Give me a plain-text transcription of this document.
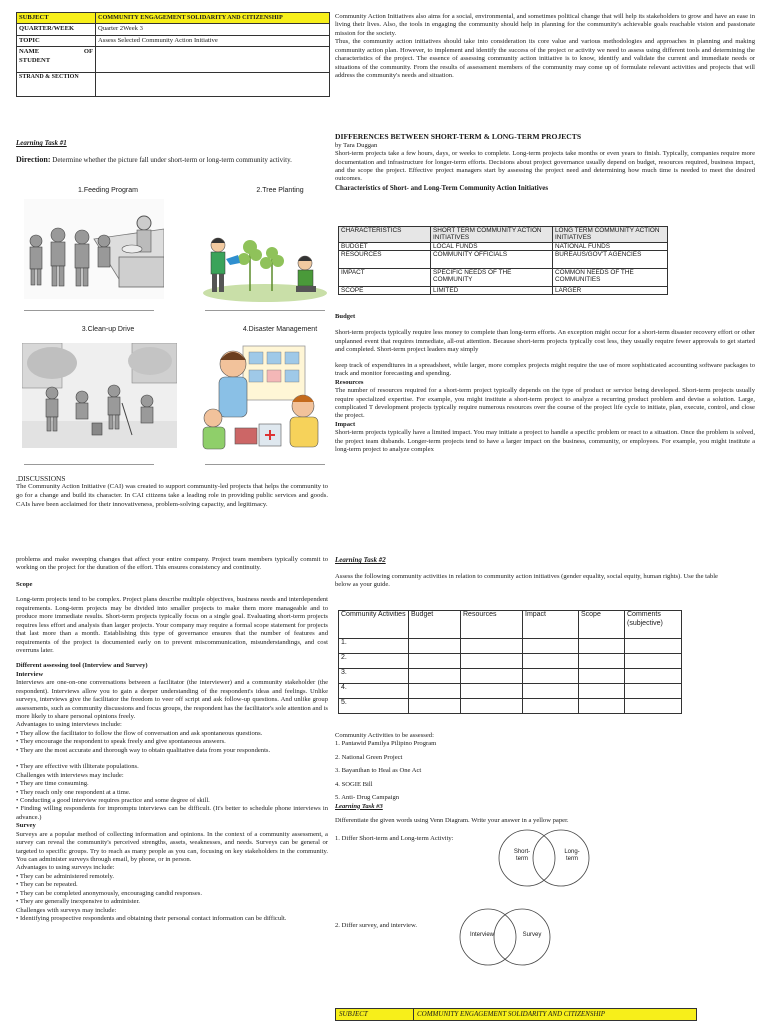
SUBJECT	COMMUNITY ENGAGEMENT SOLIDARITY AND CITIZENSHIP
QUARTER/WEEK	Quarter 2Week 3
TOPIC	Assess Selected Community Action Initiative

NAME OF
STUDENT	
STRAND & SECTION	
Learning Task #1
Direction: Determine whether the picture fall under short-term or long-term community activity.
1.Feeding Program	2.Tree Planting
3.Clean-up Drive	4.Disaster Management

.DISCUSSIONS

The Community Action Initiative (CAI) was created to support community-led projects that helps the community to go for a change and build its character. In CAI citizens take a leading role in providing public services and goods. CAIs have been acclaimed for their innovativeness, problem-solving capacity, and legitimacy.

Community Action Initiatives also aims for a social, environmental, and sometimes political change that will help its stakeholders to grow and have an ease in living their lives. Also, the tools in engaging the community should help in planning for the community's achievable goals reachable vision and passionate mission for the society.

Thus, the community action initiatives should take into consideration its core value and various methodologies and approaches in planning and making community action plan. However, to implement and identify the success of the project or activity we need to assess using different tools and determining the characteristics of the project. The essence of assessing community action initiative is to know, identify and validate the current and immediate needs or situations of the community. From the results of assessment members of the community may come up of formulate relevant activities and projects that will address the community's needs and situation.

DIFFERENCES BETWEEN SHORT-TERM & LONG-TERM PROJECTS

by Tara Duggan

Short-term projects take a few hours, days, or weeks to complete. Long-term projects take months or even years to finish. Typically, companies require more documentation and infrastructure for longer-term efforts. Decisions about project governance usually depend on budget, resources required, business impact, and the scope the project. Effective project managers start by assessing the project need and determining how much time is needed to meet the desired outcomes.

Characteristics of Short- and Long-Term Community Action Initiatives

CHARACTERISTICS	SHORT TERM COMMUNITY ACTION INITIATIVES	LONG TERM COMMUNITY ACTION INITIATIVES
BUDGET	LOCAL FUNDS	NATIONAL FUNDS
RESOURCES	COMMUNITY OFFICIALS	BUREAUS/GOV'T AGENCIES
IMPACT	SPECIFIC NEEDS OF THE COMMUNITY	COMMON NEEDS OF THE COMMUNITIES
SCOPE	LIMITED	LARGER

Budget

Short-term projects typically require less money to complete than long-term efforts. An exception might occur for a short-term disaster recovery effort or other unplanned event that requires immediate, all-out attention. Because short-term projects typically cost less, they usually require fewer approvals to get started and completed. Short-term project leaders may simply

keep track of expenditures in a spreadsheet, while larger, more complex projects might require the use of more sophisticated accounting software packages to track and monitor forecasting and spending.

Resources

The number of resources required for a short-term project typically depends on the type of product or service being developed. Short-term projects usually require specialized expertise. For example, you might institute a short-term project to analyze a recurring product problem and devise a solution. Large, complicated T development projects typically require numerous resources over the course of the project life cycle to initiate, plan, execute, control, and close the project.

Impact

Short-term projects typically have a limited impact. You may initiate a project to handle a specific problem or react to a situation. Once the problem is solved, the project team disbands. Longer-term projects tend to have a larger impact on the business, community, or employees. For example, you might institute a long-term project to analyze complex

problems and make sweeping changes that affect your entire company. Project team members typically commit to working on the project for the duration of the effort. This ensures consistency and continuity.

Scope

Long-term projects tend to be complex. Project plans describe multiple objectives, business needs and interdependent requirements. Long-term projects may be divided into smaller projects to make them more manageable and to produce more immediate results. Short-term projects typically focus on a single goal. Evaluating short-term projects requires less effort and analysis than larger projects. Your company may require a formal scope statement for projects that last more than a month. Establishing this type of governance ensures that the number of features and requirements of the project is documented early on to prevent miscommunication, misunderstandings, and cost overruns later.

Different assessing tool (Interview and Survey)

Interview

Interviews are one-on-one conversations between a facilitator (the interviewer) and a community stakeholder (the respondent). Interviews allow you to gain a deeper understanding of the respondent's ideas and feelings. Unlike surveys, interviews give the facilitator the freedom to veer off script and ask follow-up questions. And unlike group assessments, such as community discussions and focus groups, the respondent has the facilitator's sole attention and is more likely to share personal opinions freely.

Advantages to using interviews include:

• They allow the facilitator to follow the flow of conversation and ask spontaneous questions.

• They encourage the respondent to speak freely and give spontaneous answers.

• They are the most accurate and thorough way to obtain qualitative data from your respondents.

• They are effective with illiterate populations.

Challenges with interviews may include:

• They are time consuming.

• They reach only one respondent at a time.

• Conducting a good interview requires practice and some degree of skill.

• Finding willing respondents for impromptu interviews can be difficult. (It's better to schedule phone interviews in advance.)

Survey

Surveys are a popular method of collecting information and opinions. In the context of a community assessment, a survey can reveal the community's perceived strengths, assets, weaknesses, and needs. Surveys can be general or targeted to specific groups. Try to reach as many people as you can, focusing on key stakeholders in the community. You can administer surveys through email, by phone, or in person.

Advantages to using surveys include:

• They can be administered remotely.

• They can be repeated.

• They can be completed anonymously, encouraging candid responses.

• They are generally inexpensive to administer.

Challenges with surveys may include:

• Identifying prospective respondents and obtaining their personal contact information can be difficult.

Learning Task #2
Assess the following community activities in relation to community action initiatives (gender equality, social equity, human rights). Use the table below as your guide.
Community Activities	Budget	Resources	Impact	Scope	Comments (subjective)
1.					
2.					
3.					
4.					
5.					

Community Activities to be assessed:

1. Pantawid Pamilya Pilipino Program

2. National Green Project

3. Bayanihan to Heal as One Act

4. SOGIE Bill

5. Anti- Drug Campaign

Learning Task #3

Differentiate the given words using Venn Diagram. Write your answer in a yellow paper.
1. Differ Short-term and Long-term Activity:
Short-term
Long-term
2. Differ survey, and interview.
Interview	Survey
SUBJECT	COMMUNITY ENGAGEMENT SOLIDARITY AND CITIZENSHIP
